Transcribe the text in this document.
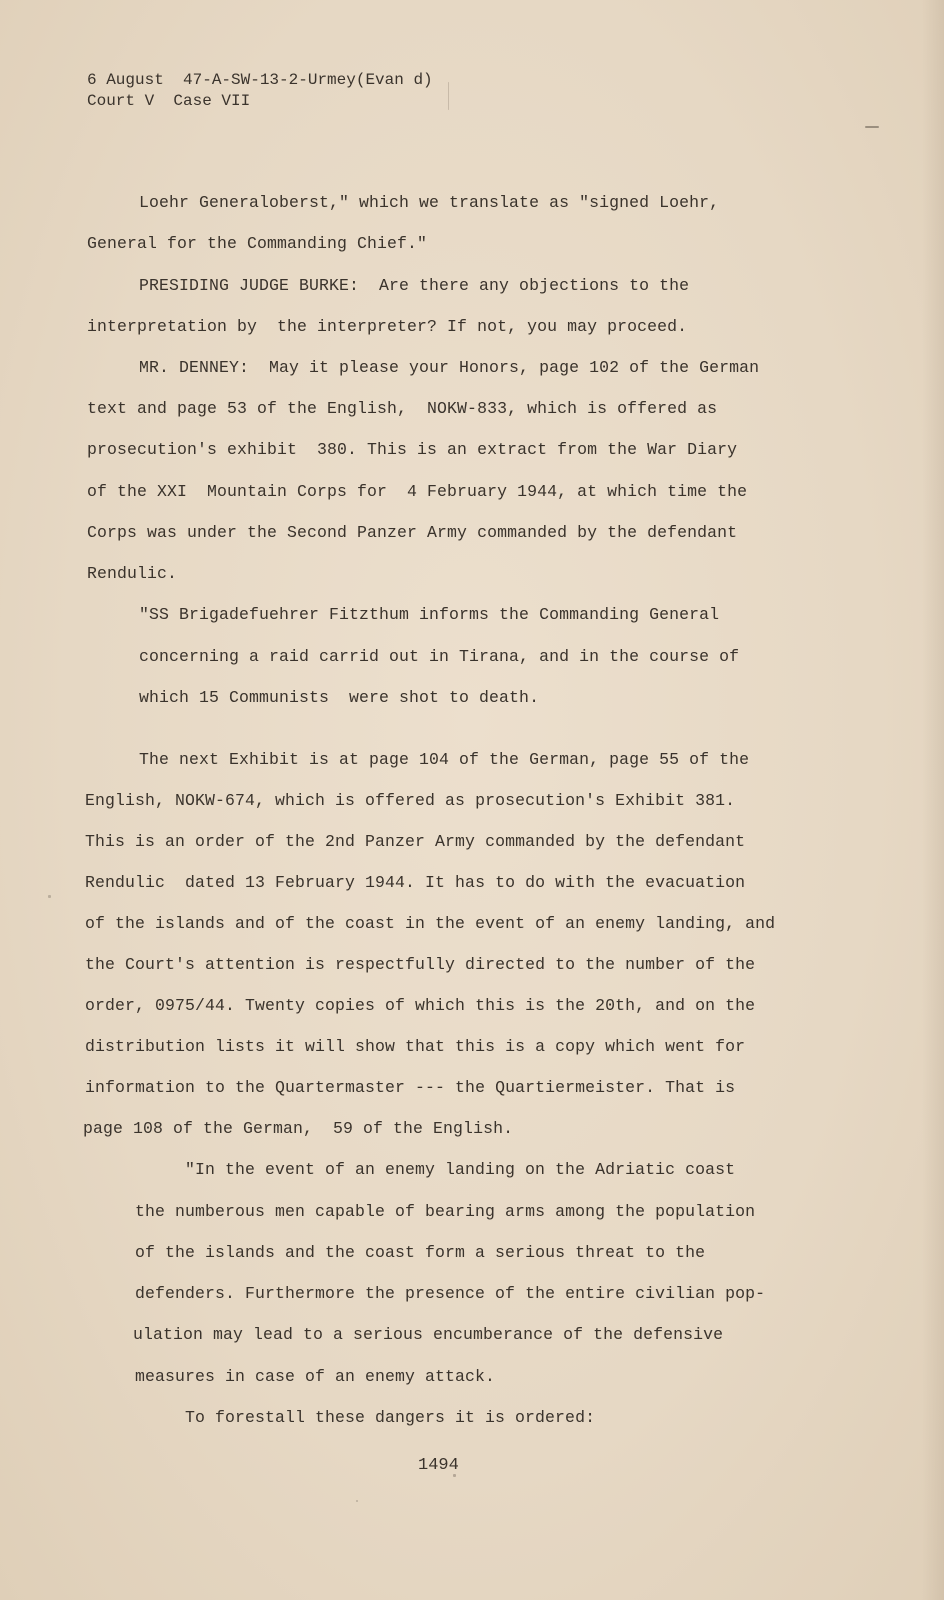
6 August  47-A-SW-13-2-Urmey(Evan d)
Court V  Case VII
Loehr Generaloberst," which we translate as "signed Loehr,
General for the Commanding Chief."
PRESIDING JUDGE BURKE:  Are there any objections to the
interpretation by  the interpreter? If not, you may proceed.
MR. DENNEY:  May it please your Honors, page 102 of the German
text and page 53 of the English,  NOKW-833, which is offered as
prosecution's exhibit  380. This is an extract from the War Diary
of the XXI  Mountain Corps for  4 February 1944, at which time the
Corps was under the Second Panzer Army commanded by the defendant
Rendulic.
"SS Brigadefuehrer Fitzthum informs the Commanding General
concerning a raid carrid out in Tirana, and in the course of
which 15 Communists  were shot to death.
The next Exhibit is at page 104 of the German, page 55 of the
English, NOKW-674, which is offered as prosecution's Exhibit 381.
This is an order of the 2nd Panzer Army commanded by the defendant
Rendulic  dated 13 February 1944. It has to do with the evacuation
of the islands and of the coast in the event of an enemy landing, and
the Court's attention is respectfully directed to the number of the
order, 0975/44. Twenty copies of which this is the 20th, and on the
distribution lists it will show that this is a copy which went for
information to the Quartermaster --- the Quartiermeister. That is
page 108 of the German,  59 of the English.
"In the event of an enemy landing on the Adriatic coast
the numberous men capable of bearing arms among the population
of the islands and the coast form a serious threat to the
defenders. Furthermore the presence of the entire civilian pop-
ulation may lead to a serious encumberance of the defensive
measures in case of an enemy attack.
To forestall these dangers it is ordered:
1494
